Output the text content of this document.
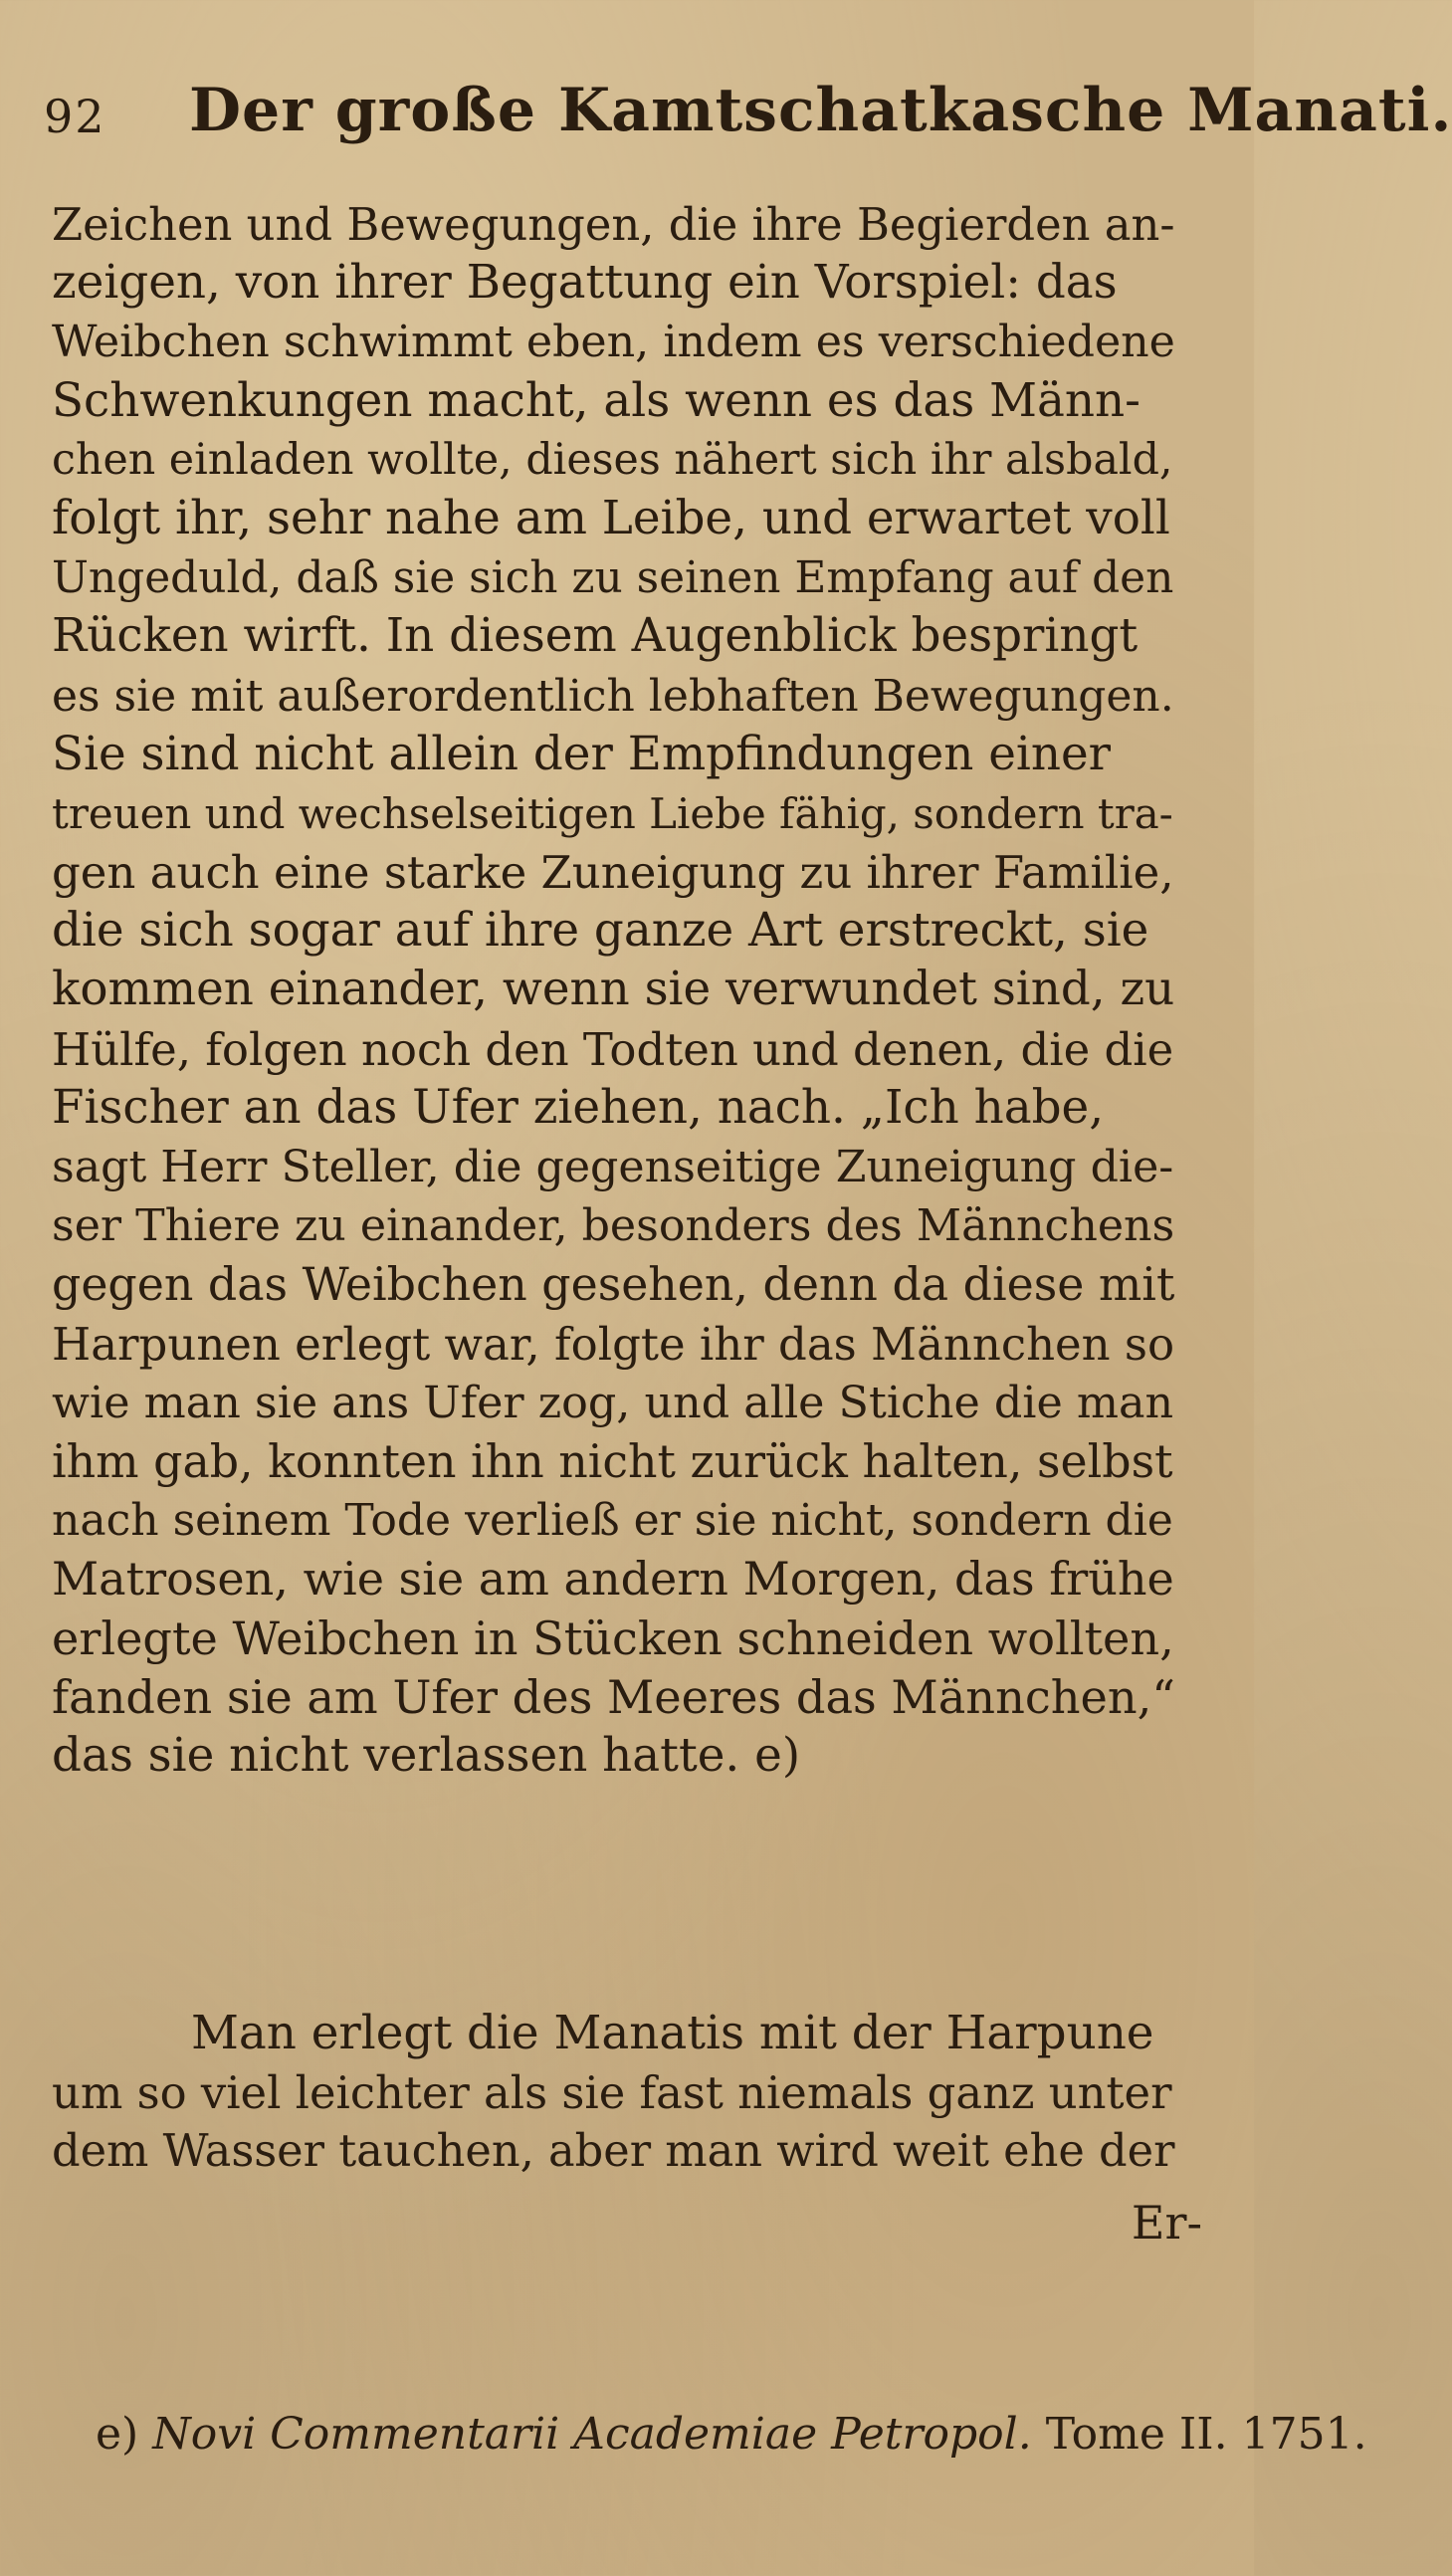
92 Der große Kamtschatkasche Manati.
Zeichen und Bewegungen, die ihre Begierden an-
zeigen, von ihrer Begattung ein Vorspiel: das
Weibchen schwimmt eben, indem es verschiedene
Schwenkungen macht, als wenn es das Männ-
chen einladen wollte, dieses nähert sich ihr alsbald,
folgt ihr, sehr nahe am Leibe, und erwartet voll
Ungeduld, daß sie sich zu seinen Empfang auf den
Rücken wirft. In diesem Augenblick bespringt
es sie mit außerordentlich lebhaften Bewegungen.
Sie sind nicht allein der Empfindungen einer
treuen und wechselseitigen Liebe fähig, sondern tra-
gen auch eine starke Zuneigung zu ihrer Familie,
die sich sogar auf ihre ganze Art erstreckt, sie
kommen einander, wenn sie verwundet sind, zu
Hülfe, folgen noch den Todten und denen, die die
Fischer an das Ufer ziehen, nach. „Ich habe,
sagt Herr Steller, die gegenseitige Zuneigung die-
ser Thiere zu einander, besonders des Männchens
gegen das Weibchen gesehen, denn da diese mit
Harpunen erlegt war, folgte ihr das Männchen so
wie man sie ans Ufer zog, und alle Stiche die man
ihm gab, konnten ihn nicht zurück halten, selbst
nach seinem Tode verließ er sie nicht, sondern die
Matrosen, wie sie am andern Morgen, das frühe
erlegte Weibchen in Stücken schneiden wollten,
fanden sie am Ufer des Meeres das Männchen,“
das sie nicht verlassen hatte. e)
Man erlegt die Manatis mit der Harpune
um so viel leichter als sie fast niemals ganz unter
dem Wasser tauchen, aber man wird weit ehe der
Er-
e) Novi Commentarii Academiae Petropol. Tome II. 1751.
